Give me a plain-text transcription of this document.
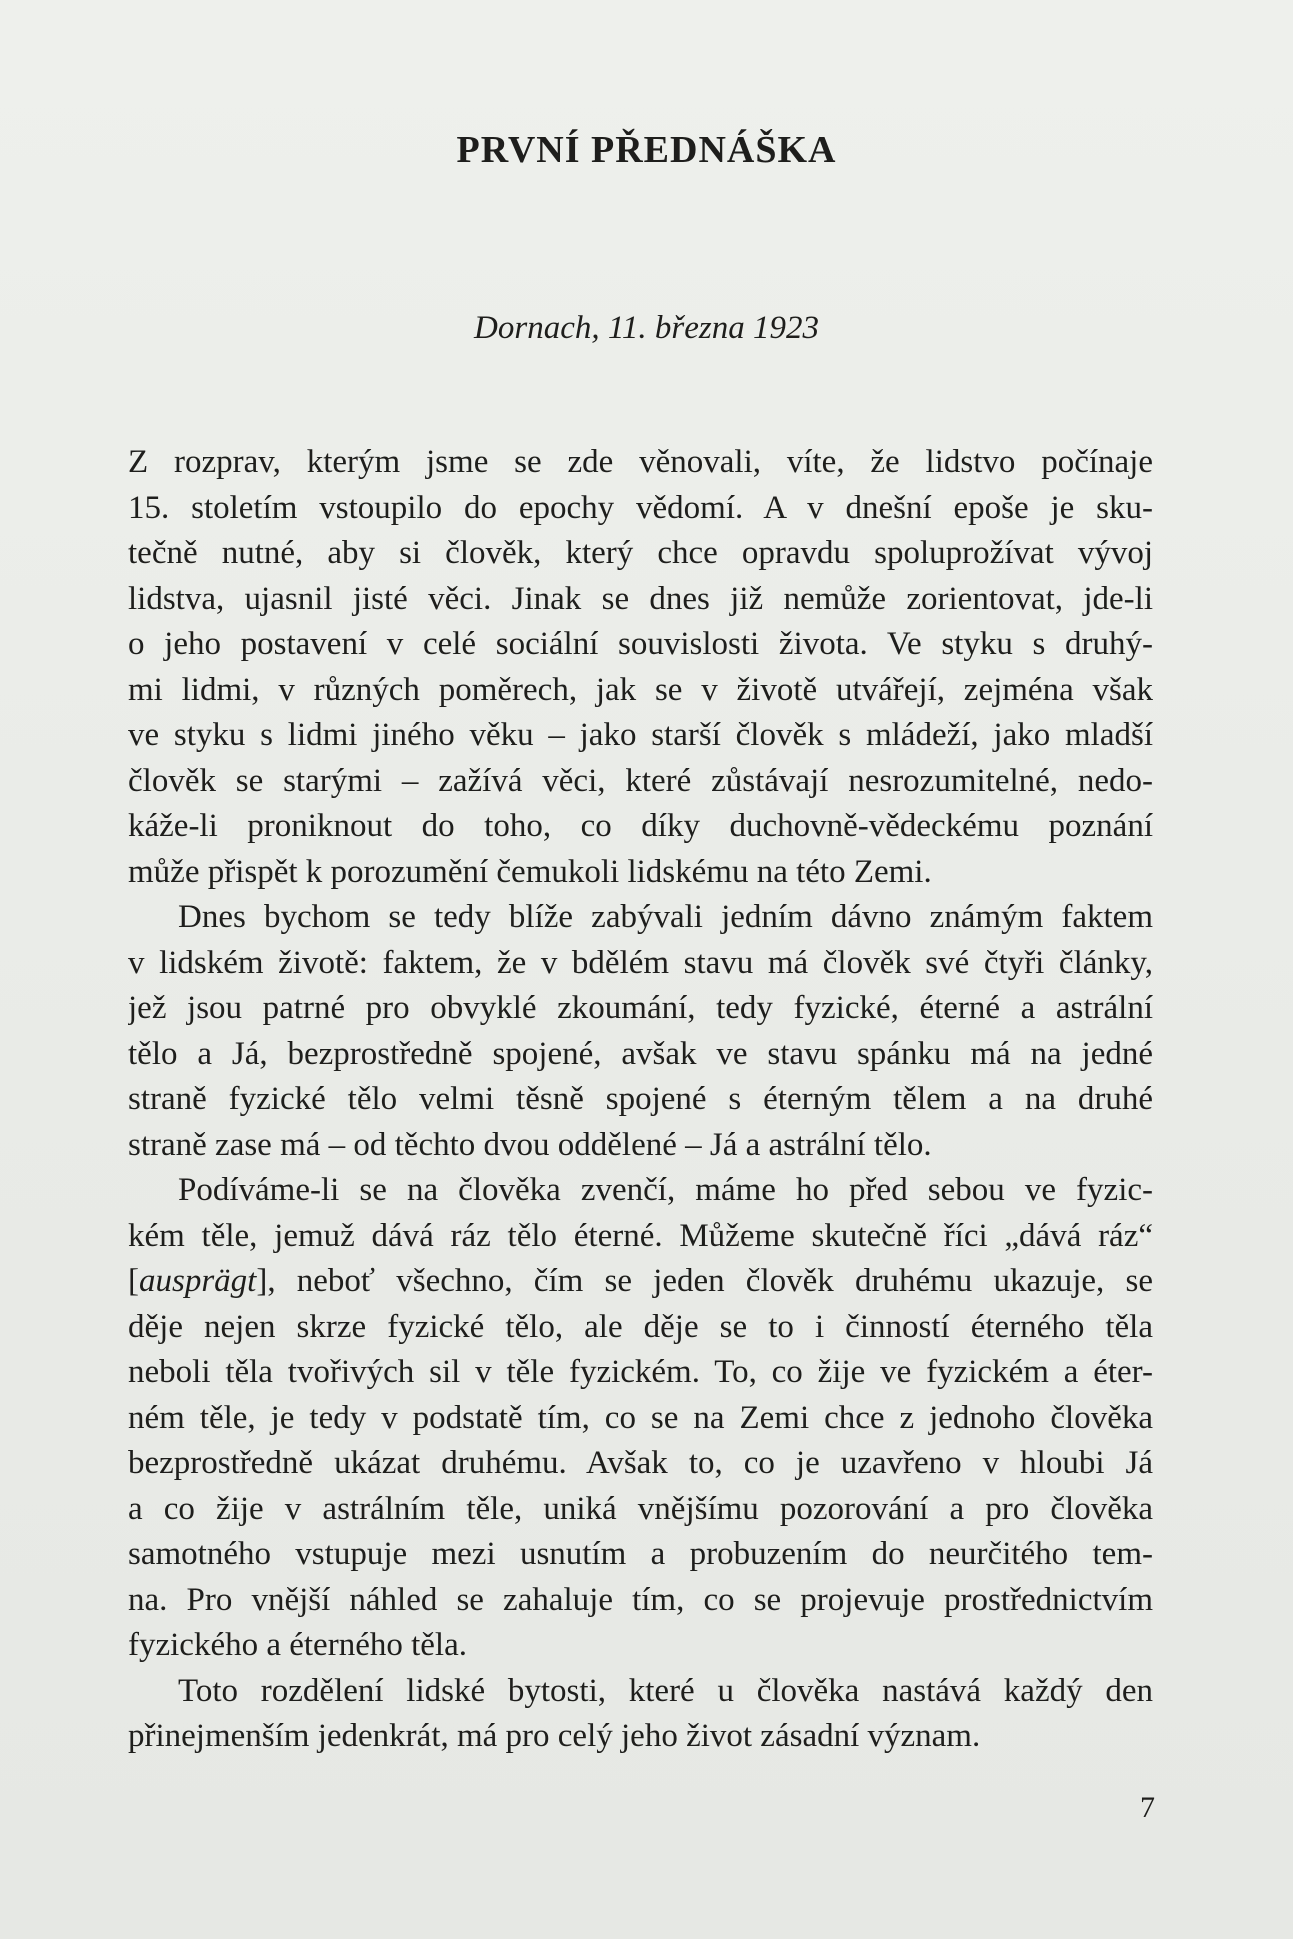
PRVNÍ PŘEDNÁŠKA

Dornach, 11. března 1923

Z rozprav, kterým jsme se zde věnovali, víte, že lidstvo počínaje
15. stoletím vstoupilo do epochy vědomí. A v dnešní epoše je sku-
tečně nutné, aby si člověk, který chce opravdu spoluprožívat vývoj
lidstva, ujasnil jisté věci. Jinak se dnes již nemůže zorientovat, jde-li
o jeho postavení v celé sociální souvislosti života. Ve styku s druhý-
mi lidmi, v různých poměrech, jak se v životě utvářejí, zejména však
ve styku s lidmi jiného věku – jako starší člověk s mládeží, jako mladší
člověk se starými – zažívá věci, které zůstávají nesrozumitelné, nedo-
káže-li proniknout do toho, co díky duchovně-vědeckému poznání
může přispět k porozumění čemukoli lidskému na této Zemi.
Dnes bychom se tedy blíže zabývali jedním dávno známým faktem
v lidském životě: faktem, že v bdělém stavu má člověk své čtyři články,
jež jsou patrné pro obvyklé zkoumání, tedy fyzické, éterné a astrální
tělo a Já, bezprostředně spojené, avšak ve stavu spánku má na jedné
straně fyzické tělo velmi těsně spojené s éterným tělem a na druhé
straně zase má – od těchto dvou oddělené – Já a astrální tělo.
Podíváme-li se na člověka zvenčí, máme ho před sebou ve fyzic-
kém těle, jemuž dává ráz tělo éterné. Můžeme skutečně říci „dává ráz“
[ausprägt], neboť všechno, čím se jeden člověk druhému ukazuje, se
děje nejen skrze fyzické tělo, ale děje se to i činností éterného těla
neboli těla tvořivých sil v těle fyzickém. To, co žije ve fyzickém a éter-
ném těle, je tedy v podstatě tím, co se na Zemi chce z jednoho člověka
bezprostředně ukázat druhému. Avšak to, co je uzavřeno v hloubi Já
a co žije v astrálním těle, uniká vnějšímu pozorování a pro člověka
samotného vstupuje mezi usnutím a probuzením do neurčitého tem-
na. Pro vnější náhled se zahaluje tím, co se projevuje prostřednictvím
fyzického a éterného těla.
Toto rozdělení lidské bytosti, které u člověka nastává každý den
přinejmenším jedenkrát, má pro celý jeho život zásadní význam.
7
